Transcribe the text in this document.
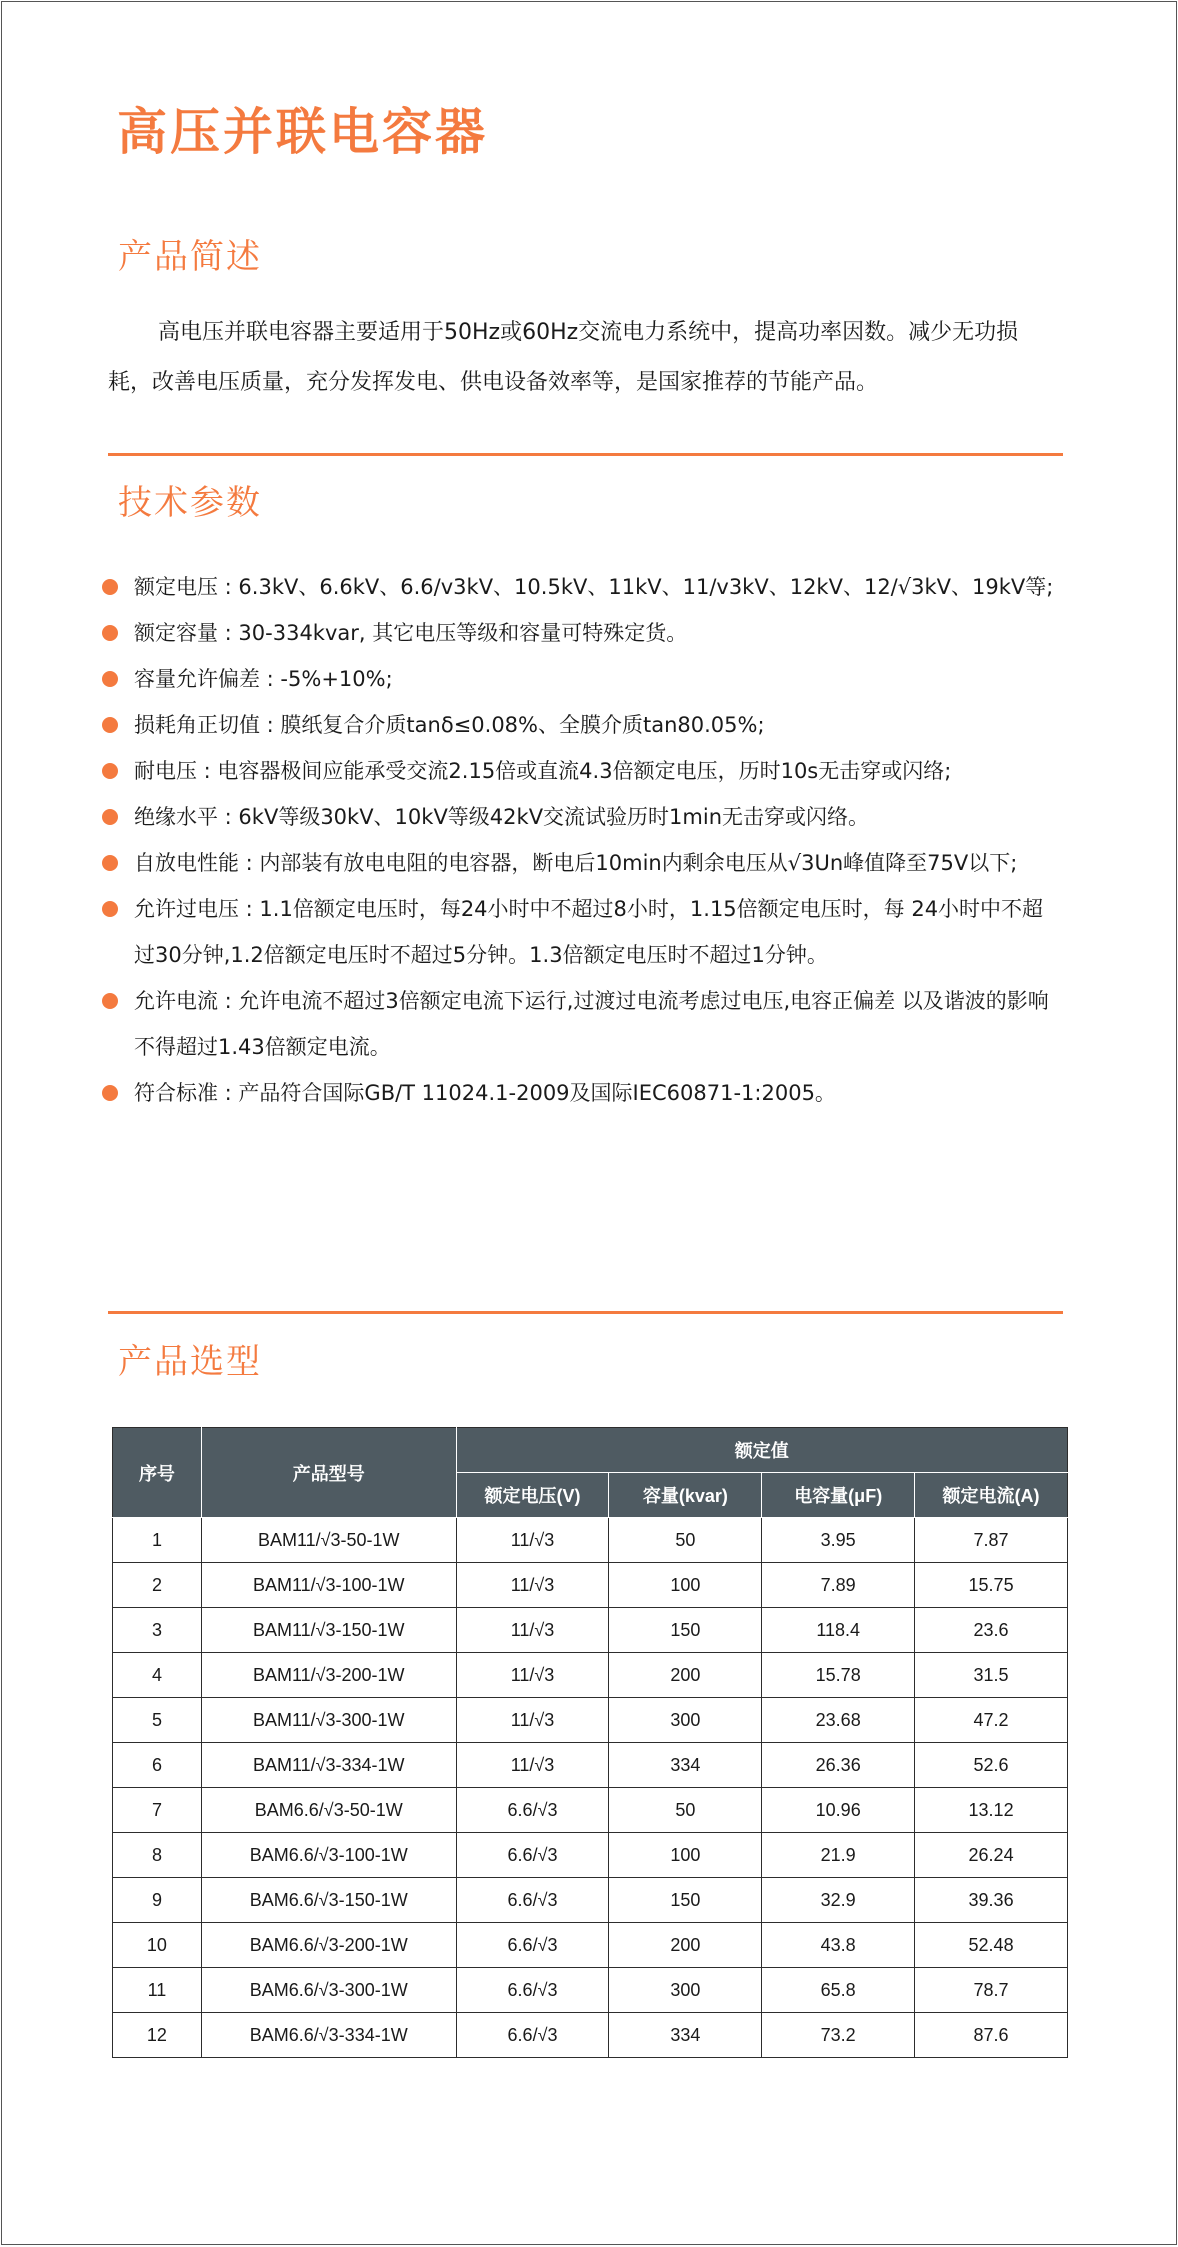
高压并联电容器
产品简述

高电压并联电容器主要适用于50Hz或60Hz交流电力系统中，提高功率因数。减少无功损耗，改善电压质量，充分发挥发电、供电设备效率等，是国家推荐的节能产品。

技术参数
额定电压 : 6.3kV、6.6kV、6.6/v3kV、10.5kV、11kV、11/v3kV、12kV、12/√3kV、19kV等;
额定容量 : 30-334kvar, 其它电压等级和容量可特殊定货。
容量允许偏差 : -5%+10%;
损耗角正切值 : 膜纸复合介质tanδ≤0.08%、全膜介质tan80.05%;
耐电压 : 电容器极间应能承受交流2.15倍或直流4.3倍额定电压，历时10s无击穿或闪络;
绝缘水平 : 6kV等级30kV、10kV等级42kV交流试验历时1min无击穿或闪络。
自放电性能 : 内部装有放电电阻的电容器，断电后10min内剩余电压从√3Un峰值降至75V以下;
允许过电压 : 1.1倍额定电压时，每24小时中不超过8小时，1.15倍额定电压时，每 24小时中不超过30分钟,1.2倍额定电压时不超过5分钟。1.3倍额定电压时不超过1分钟。
允许电流 : 允许电流不超过3倍额定电流下运行,过渡过电流考虑过电压,电容正偏差 以及谐波的影响不得超过1.43倍额定电流。
符合标准 : 产品符合国际GB/T 11024.1-2009及国际IEC60871-1:2005。
产品选型
序号	产品型号	额定值			
		额定电压(V)	容量(kvar)	电容量(μF)	额定电流(A)
1	BAM11/√3-50-1W	11/√3	50	3.95	7.87
2	BAM11/√3-100-1W	11/√3	100	7.89	15.75
3	BAM11/√3-150-1W	11/√3	150	118.4	23.6
4	BAM11/√3-200-1W	11/√3	200	15.78	31.5
5	BAM11/√3-300-1W	11/√3	300	23.68	47.2
6	BAM11/√3-334-1W	11/√3	334	26.36	52.6
7	BAM6.6/√3-50-1W	6.6/√3	50	10.96	13.12
8	BAM6.6/√3-100-1W	6.6/√3	100	21.9	26.24
9	BAM6.6/√3-150-1W	6.6/√3	150	32.9	39.36
10	BAM6.6/√3-200-1W	6.6/√3	200	43.8	52.48
11	BAM6.6/√3-300-1W	6.6/√3	300	65.8	78.7
12	BAM6.6/√3-334-1W	6.6/√3	334	73.2	87.6
